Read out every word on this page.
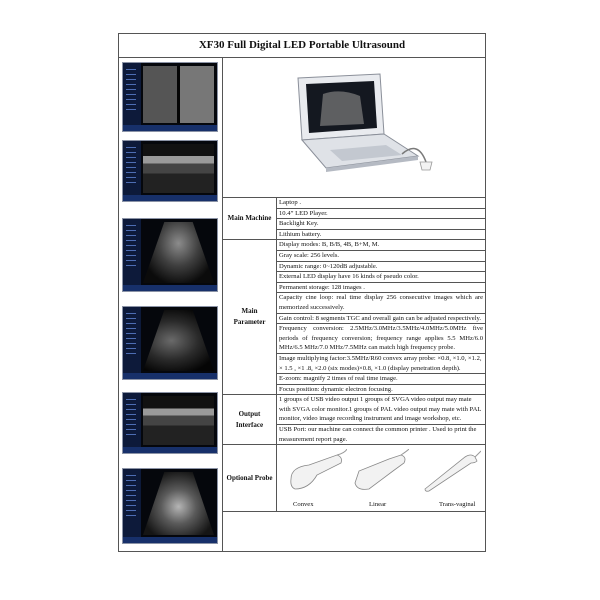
XF30 Full Digital LED Portable Ultrasound
Main Machine	Laptop .
	10.4” LED Player.
	Backlight Key.
	Lithium battery.
Main Parameter	Display modes: B, B/B, 4B, B+M, M.
	Gray scale: 256 levels.
	Dynamic range: 0~120dB adjustable.
	External LED display have 16 kinds of pseudo color.
	Permanent storage: 128 images .
	Capacity cine loop: real time display 256 consecutive images which are memorized successively.
	Gain control: 8 segments TGC and overall gain can be adjusted respectively.
	Frequency conversion: 2.5MHz/3.0MHz/3.5MHz/4.0MHz/5.0MHz five periods of frequency conversion; frequency range applies 5.5 MHz/6.0 MHz/6.5 MHz/7.0 MHz/7.5MHz can match high frequency probe.
	Image multiplying factor:3.5MHz/R60 convex array probe: ×0.8, ×1.0, ×1.2, × 1.5 , ×1 .8, ×2.0 (six modes)×0.8, ×1.0 (display penetration depth).
	E-zoom: magnify 2 times of real time image.
	Focus position: dynamic electron focusing.
Output Interface	1 groups of USB video output 1 groups of SVGA video output may mate with SVGA color monitor.1 groups of PAL video output may mate with PAL monitor, video image recording instrument and image workshop, etc.
	USB Port: our machine can connect the common printer . Used to print the measurement report page.
Optional Probe	Convex Linear Trans-vaginal
